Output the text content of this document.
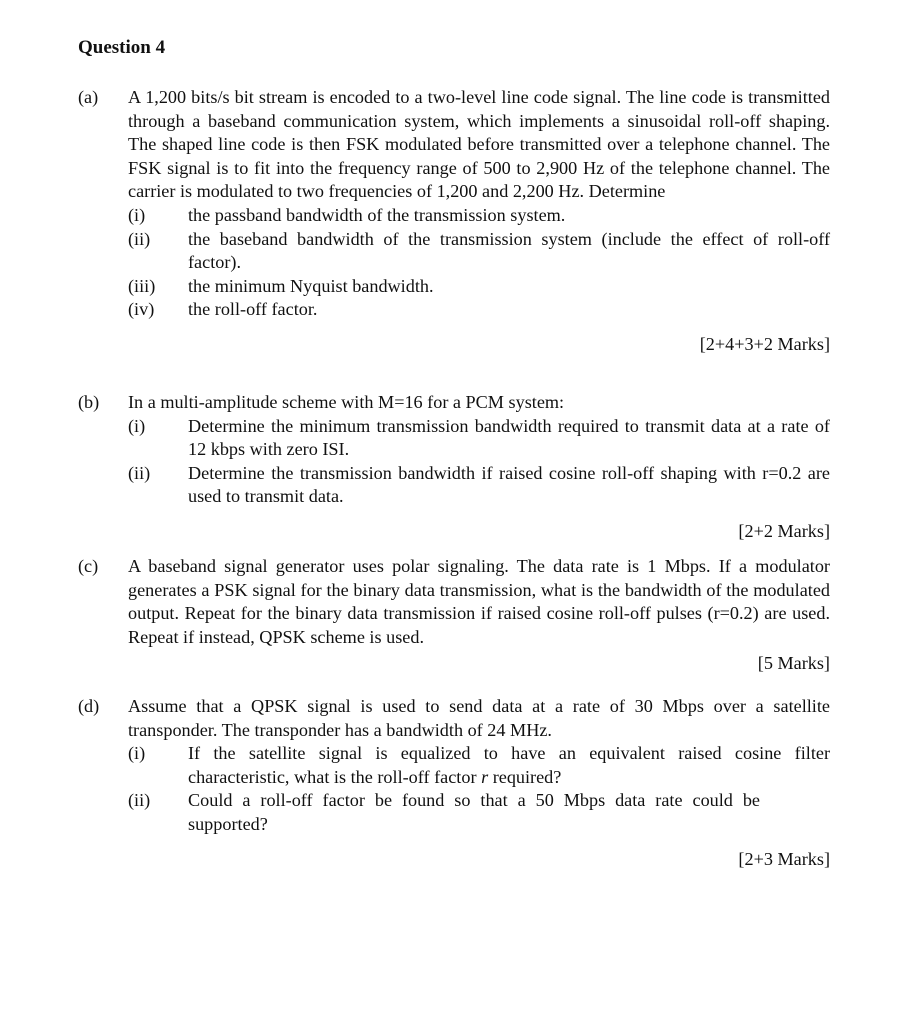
Question 4
(a) A 1,200 bits/s bit stream is encoded to a two-level line code signal. The line code is transmitted through a baseband communication system, which implements a sinusoidal roll-off shaping. The shaped line code is then FSK modulated before transmitted over a telephone channel. The FSK signal is to fit into the frequency range of 500 to 2,900 Hz of the telephone channel. The carrier is modulated to two frequencies of 1,200 and 2,200 Hz. Determine
(i) the passband bandwidth of the transmission system.
(ii) the baseband bandwidth of the transmission system (include the effect of roll-off factor).
(iii) the minimum Nyquist bandwidth.
(iv) the roll-off factor.
[2+4+3+2 Marks]
(b) In a multi-amplitude scheme with M=16 for a PCM system:
(i) Determine the minimum transmission bandwidth required to transmit data at a rate of 12 kbps with zero ISI.
(ii) Determine the transmission bandwidth if raised cosine roll-off shaping with r=0.2 are used to transmit data.
[2+2 Marks]
(c) A baseband signal generator uses polar signaling. The data rate is 1 Mbps. If a modulator generates a PSK signal for the binary data transmission, what is the bandwidth of the modulated output. Repeat for the binary data transmission if raised cosine roll-off pulses (r=0.2) are used. Repeat if instead, QPSK scheme is used.
[5 Marks]
(d) Assume that a QPSK signal is used to send data at a rate of 30 Mbps over a satellite transponder. The transponder has a bandwidth of 24 MHz.
(i) If the satellite signal is equalized to have an equivalent raised cosine filter characteristic, what is the roll-off factor r required?
(ii) Could a roll-off factor be found so that a 50 Mbps data rate could be supported?
[2+3 Marks]
